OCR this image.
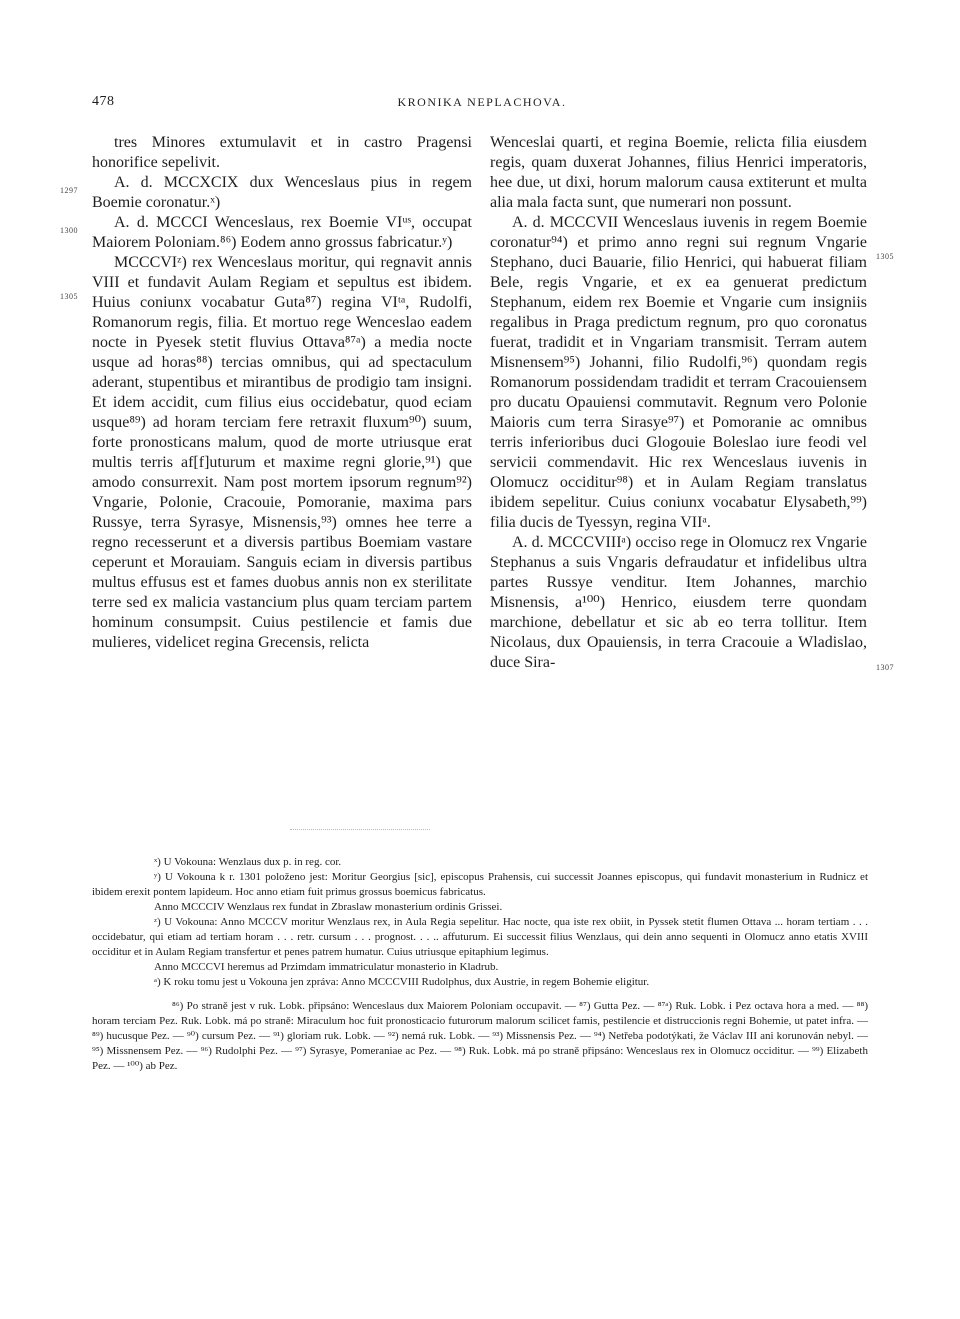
478	KRONIKA NEPLACHOVA.
1297
1300
1305
1305
1307

tres Minores extumulavit et in castro Pragensi honorifice sepelivit.

A. d. MCCXCIX dux Wenceslaus pius in regem Boemie coronatur.ˣ)

A. d. MCCCI Wenceslaus, rex Boemie VIᵘˢ, occupat Maiorem Poloniam.⁸⁶) Eodem anno grossus fabricatur.ʸ)

MCCCVIᶻ) rex Wenceslaus moritur, qui regnavit annis VIII et fundavit Aulam Regiam et sepultus est ibidem. Huius coniunx vocabatur Guta⁸⁷) regina VIᵗᵃ, Rudolfi, Romanorum regis, filia. Et mortuo rege Wenceslao eadem nocte in Pyesek stetit fluvius Ottava⁸⁷ᵃ) a media nocte usque ad horas⁸⁸) tercias omnibus, qui ad spectaculum aderant, stupentibus et mirantibus de prodigio tam insigni. Et idem accidit, cum filius eius occidebatur, quod eciam usque⁸⁹) ad horam terciam fere retraxit fluxum⁹⁰) suum, forte pronosticans malum, quod de morte utriusque erat multis terris af[f]uturum et maxime regni glorie,⁹¹) que amodo consurrexit. Nam post mortem ipsorum regnum⁹²) Vngarie, Polonie, Cracouie, Pomoranie, maxima pars Russye, terra Syrasye, Misnensis,⁹³) omnes hee terre a regno recesserunt et a diversis partibus Boemiam vastare ceperunt et Morauiam. Sanguis eciam in diversis partibus multus effusus est et fames duobus annis non ex sterilitate terre sed ex malicia vastancium plus quam terciam partem hominum consumpsit. Cuius pestilencie et famis due mulieres, videlicet regina Grecensis, relicta

Wenceslai quarti, et regina Boemie, relicta filia eiusdem regis, quam duxerat Johannes, filius Henrici imperatoris, hee due, ut dixi, horum malorum causa extiterunt et multa alia mala facta sunt, que numerari non possunt.

A. d. MCCCVII Wenceslaus iuvenis in regem Boemie coronatur⁹⁴) et primo anno regni sui regnum Vngarie Stephano, duci Bauarie, filio Henrici, qui habuerat filiam Bele, regis Vngarie, et ex ea genuerat predictum Stephanum, eidem rex Boemie et Vngarie cum insigniis regalibus in Praga predictum regnum, pro quo coronatus fuerat, tradidit et in Vngariam transmisit. Terram autem Misnensem⁹⁵) Johanni, filio Rudolfi,⁹⁶) quondam regis Romanorum possidendam tradidit et terram Cracouiensem pro ducatu Opauiensi commutavit. Regnum vero Polonie Maioris cum terra Sirasye⁹⁷) et Pomoranie ac omnibus terris inferioribus duci Glogouie Boleslao iure feodi vel servicii commendavit. Hic rex Wenceslaus iuvenis in Olomucz occiditur⁹⁸) et in Aulam Regiam translatus ibidem sepelitur. Cuius coniunx vocabatur Elysabeth,⁹⁹) filia ducis de Tyessyn, regina VIIᵃ.

A. d. MCCCVIIIᵃ) occiso rege in Olomucz rex Vngarie Stephanus a suis Vngaris defraudatur et infidelibus ultra partes Russye venditur. Item Johannes, marchio Misnensis, a¹⁰⁰) Henrico, eiusdem terre quondam marchione, debellatur et sic ab eo terra tollitur. Item Nicolaus, dux Opauiensis, in terra Cracouie a Wladislao, duce Sira-

ˣ) U Vokouna: Wenzlaus dux p. in reg. cor.

ʸ) U Vokouna k r. 1301 položeno jest: Moritur Georgius [sic], episcopus Prahensis, cui successit Joannes episcopus, qui fundavit monasterium in Rudnicz et ibidem erexit pontem lapideum. Hoc anno etiam fuit primus grossus boemicus fabricatus.

Anno MCCCIV Wenzlaus rex fundat in Zbraslaw monasterium ordinis Grissei.

ᶻ) U Vokouna: Anno MCCCV moritur Wenzlaus rex, in Aula Regia sepelitur. Hac nocte, qua iste rex obiit, in Pyssek stetit flumen Ottava ... horam tertiam . . . occidebatur, qui etiam ad tertiam horam . . . retr. cursum . . . prognost. . . .. affuturum. Ei successit filius Wenzlaus, qui dein anno sequenti in Olomucz anno etatis XVIII occiditur et in Aulam Regiam transfertur et penes patrem humatur. Cuius utriusque epitaphium legimus.

Anno MCCCVI heremus ad Przimdam immatriculatur monasterio in Kladrub.

ᵃ) K roku tomu jest u Vokouna jen zpráva: Anno MCCCVIII Rudolphus, dux Austrie, in regem Bohemie eligitur.

⁸⁶) Po straně jest v ruk. Lobk. připsáno: Wenceslaus dux Maiorem Poloniam occupavit. — ⁸⁷) Gutta Pez. — ⁸⁷ᵃ) Ruk. Lobk. i Pez octava hora a med. — ⁸⁸) horam terciam Pez. Ruk. Lobk. má po straně: Miraculum hoc fuit pronosticacio futurorum malorum scilicet famis, pestilencie et distruccionis regni Bohemie, ut patet infra. — ⁸⁹) hucusque Pez. — ⁹⁰) cursum Pez. — ⁹¹) gloriam ruk. Lobk. — ⁹²) nemá ruk. Lobk. — ⁹³) Missnensis Pez. — ⁹⁴) Netřeba podotýkati, že Václav III ani korunován nebyl. — ⁹⁵) Missnensem Pez. — ⁹⁶) Rudolphi Pez. — ⁹⁷) Syrasye, Pomeraniae ac Pez. — ⁹⁸) Ruk. Lobk. má po straně připsáno: Wenceslaus rex in Olomucz occiditur. — ⁹⁹) Elizabeth Pez. — ¹⁰⁰) ab Pez.
